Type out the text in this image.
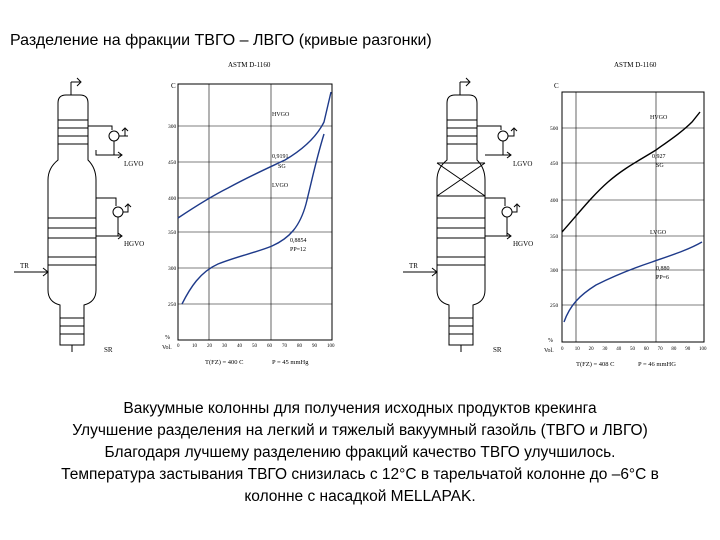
Разделение на фракции ТВГО – ЛВГО (кривые разгонки)
TR
SR
LGVO
HGVO
TR
SR
LGVO
HGVO
ASTM D-1160
C
300
450
400
350
300
250
%
Vol. 0	10 20 30 40 50 60 70 80 90 100
HVGO
0,9191
SG
LVGO
0,8854
PP=12
T(FZ) = 400 C	P = 45 mmHg
ASTM D-1160
C
500
450
400
350
300
250
%
Vol. 0 10 20 30 40 50 60 70 80 90 100
HVGO
0,927
SG
LVGO
0,880
PP=6
T(FZ) = 408 C	P = 46 mmHG
Вакуумные колонны для получения исходных продуктов крекинга
Улучшение разделения на легкий и тяжелый вакуумный газойль (ТВГО и ЛВГО)
Благодаря лучшему разделению фракций качество ТВГО улучшилось.
Температура застывания ТВГО снизилась с 12°С в тарельчатой колонне до –6°С в
колонне с насадкой MELLAPAK.
